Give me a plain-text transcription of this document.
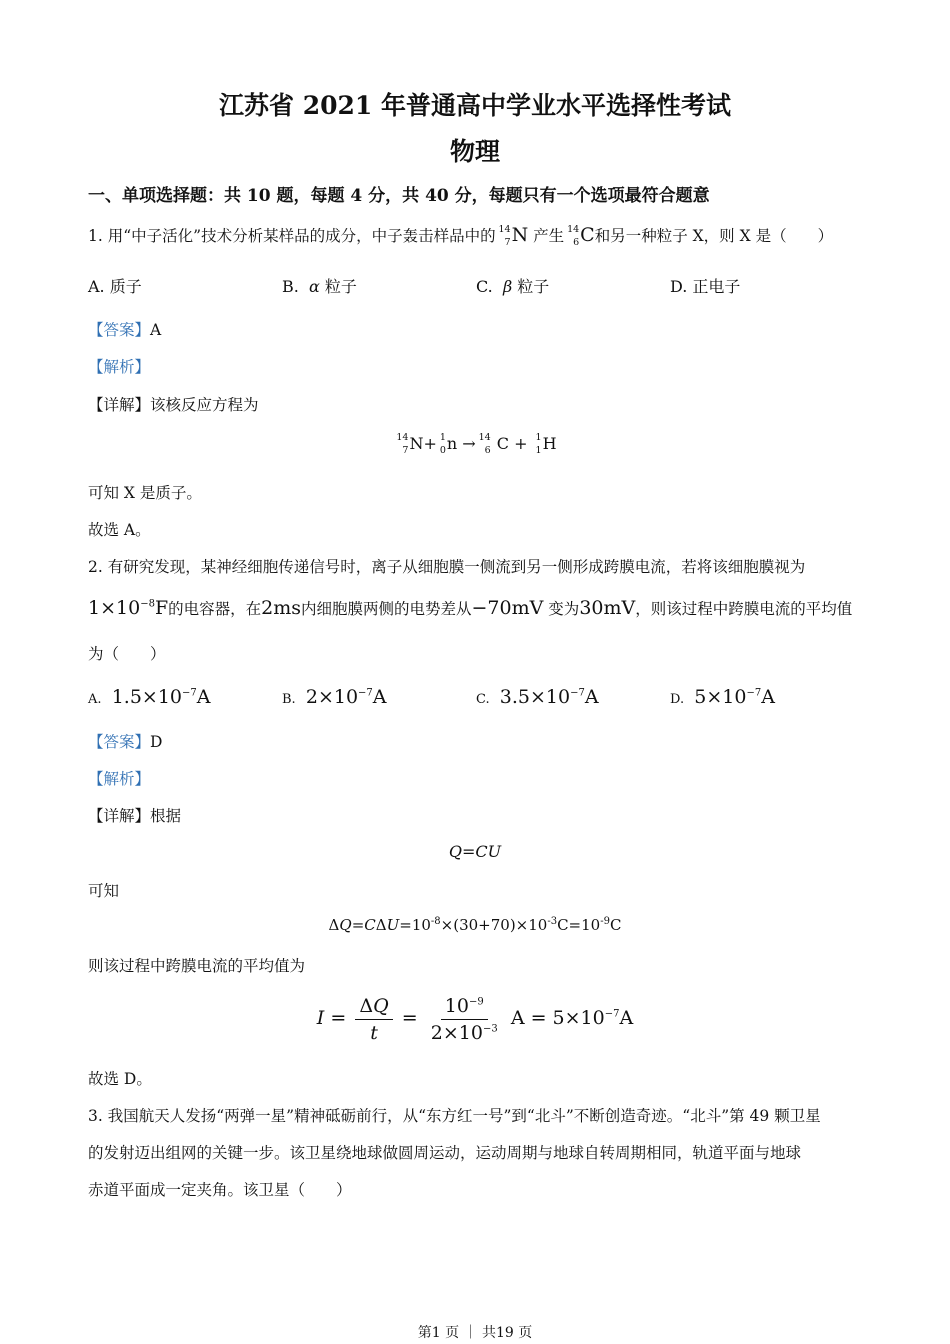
江苏省 2021 年普通高中学业水平选择性考试
物理
一、单项选择题：共 10 题，每题 4 分，共 40 分，每题只有一个选项最符合题意
1. 用“中子活化”技术分析某样品的成分，中子轰击样品中的 14
7 N 产生 14
6 C和另一种粒子 X，则 X 是（　　）
A. 质子	B. α 粒子	C. β 粒子	D. 正电子
【答案】A
【解析】
【详解】该核反应方程为
14
7 N+ 1
0 n → 14
6 C + 1
1 H
可知 X 是质子。
故选 A。
2. 有研究发现，某神经细胞传递信号时，离子从细胞膜一侧流到另一侧形成跨膜电流，若将该细胞膜视为
$1\times 10^{-8}F$的电容器，在2ms内细胞膜两侧的电势差从−70mV 变为30mV，则该过程中跨膜电流的平均值
为（　　）
A. $1.5\times 10^{-7}A$	B. $2\times 10^{-7}A$	C. $3.5\times 10^{-7}A$	D. $5\times 10^{-7}A$
【答案】D
【解析】
【详解】根据
Q=CU
可知
$\Delta Q=C\Delta U=10^{-8}\times(30+70)\times 10^{-3}C=10^{-9}C$
则该过程中跨膜电流的平均值为
$I = \frac{\Delta Q}{t} = \frac{10^{-9}}{2\times 10^{-3}}$ $A = 5\times 10^{-7}A$
故选 D。
3. 我国航天人发扬“两弹一星”精神砥砺前行，从“东方红一号”到“北斗”不断创造奇迹。“北斗”第 49 颗卫星
的发射迈出组网的关键一步。该卫星绕地球做圆周运动，运动周期与地球自转周期相同，轨道平面与地球
赤道平面成一定夹角。该卫星（　　）
第1 页 ｜ 共19 页
